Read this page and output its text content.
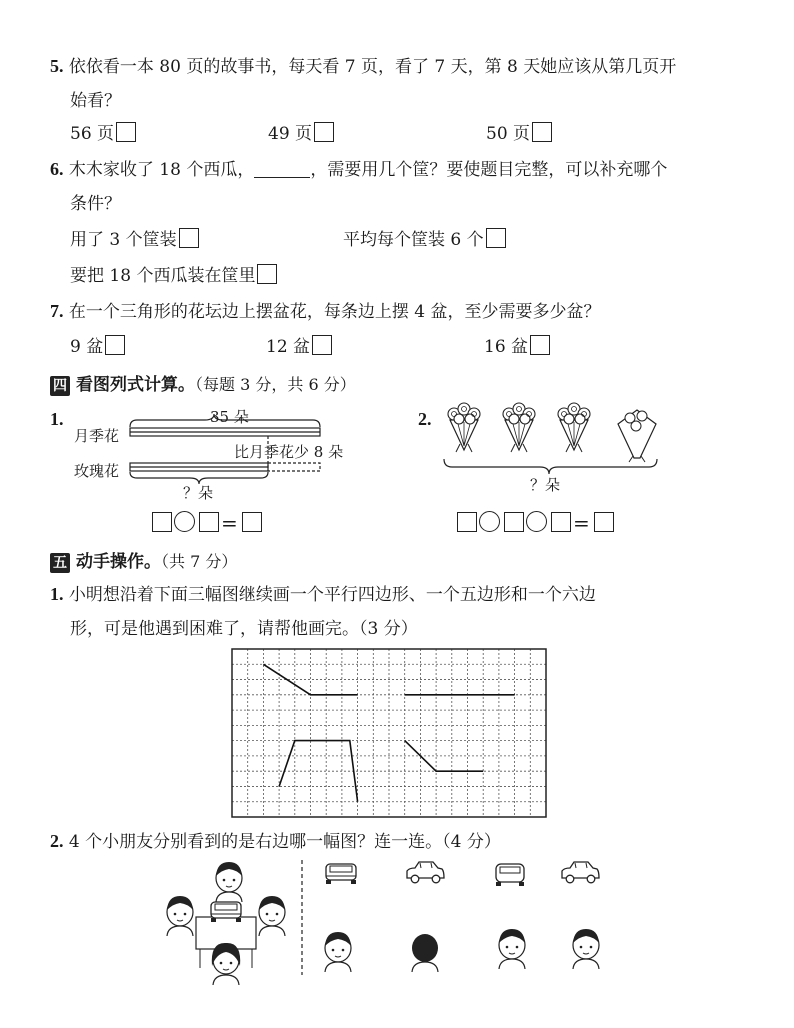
5. 依依看一本 80 页的故事书，每天看 7 页，看了 7 天，第 8 天她应该从第几页开
始看？
56 页	49 页	50 页
6. 木木家收了 18 个西瓜，	，需要用几个筐？要使题目完整，可以补充哪个
条件？
用了 3 个筐装	平均每个筐装 6 个
要把 18 个西瓜装在筐里
7. 在一个三角形的花坛边上摆盆花，每条边上摆 4 盆，至少需要多少盆？
9 盆	12 盆	16 盆
四 看图列式计算。（每题 3 分，共 6 分）
1.
月季花
玫瑰花
35 朵
比月季花少 8 朵
？朵
=
2.
？朵
=
五 动手操作。（共 7 分）
1. 小明想沿着下面三幅图继续画一个平行四边形、一个五边形和一个六边
形，可是他遇到困难了，请帮他画完。（3 分）
2. 4 个小朋友分别看到的是右边哪一幅图？连一连。（4 分）
